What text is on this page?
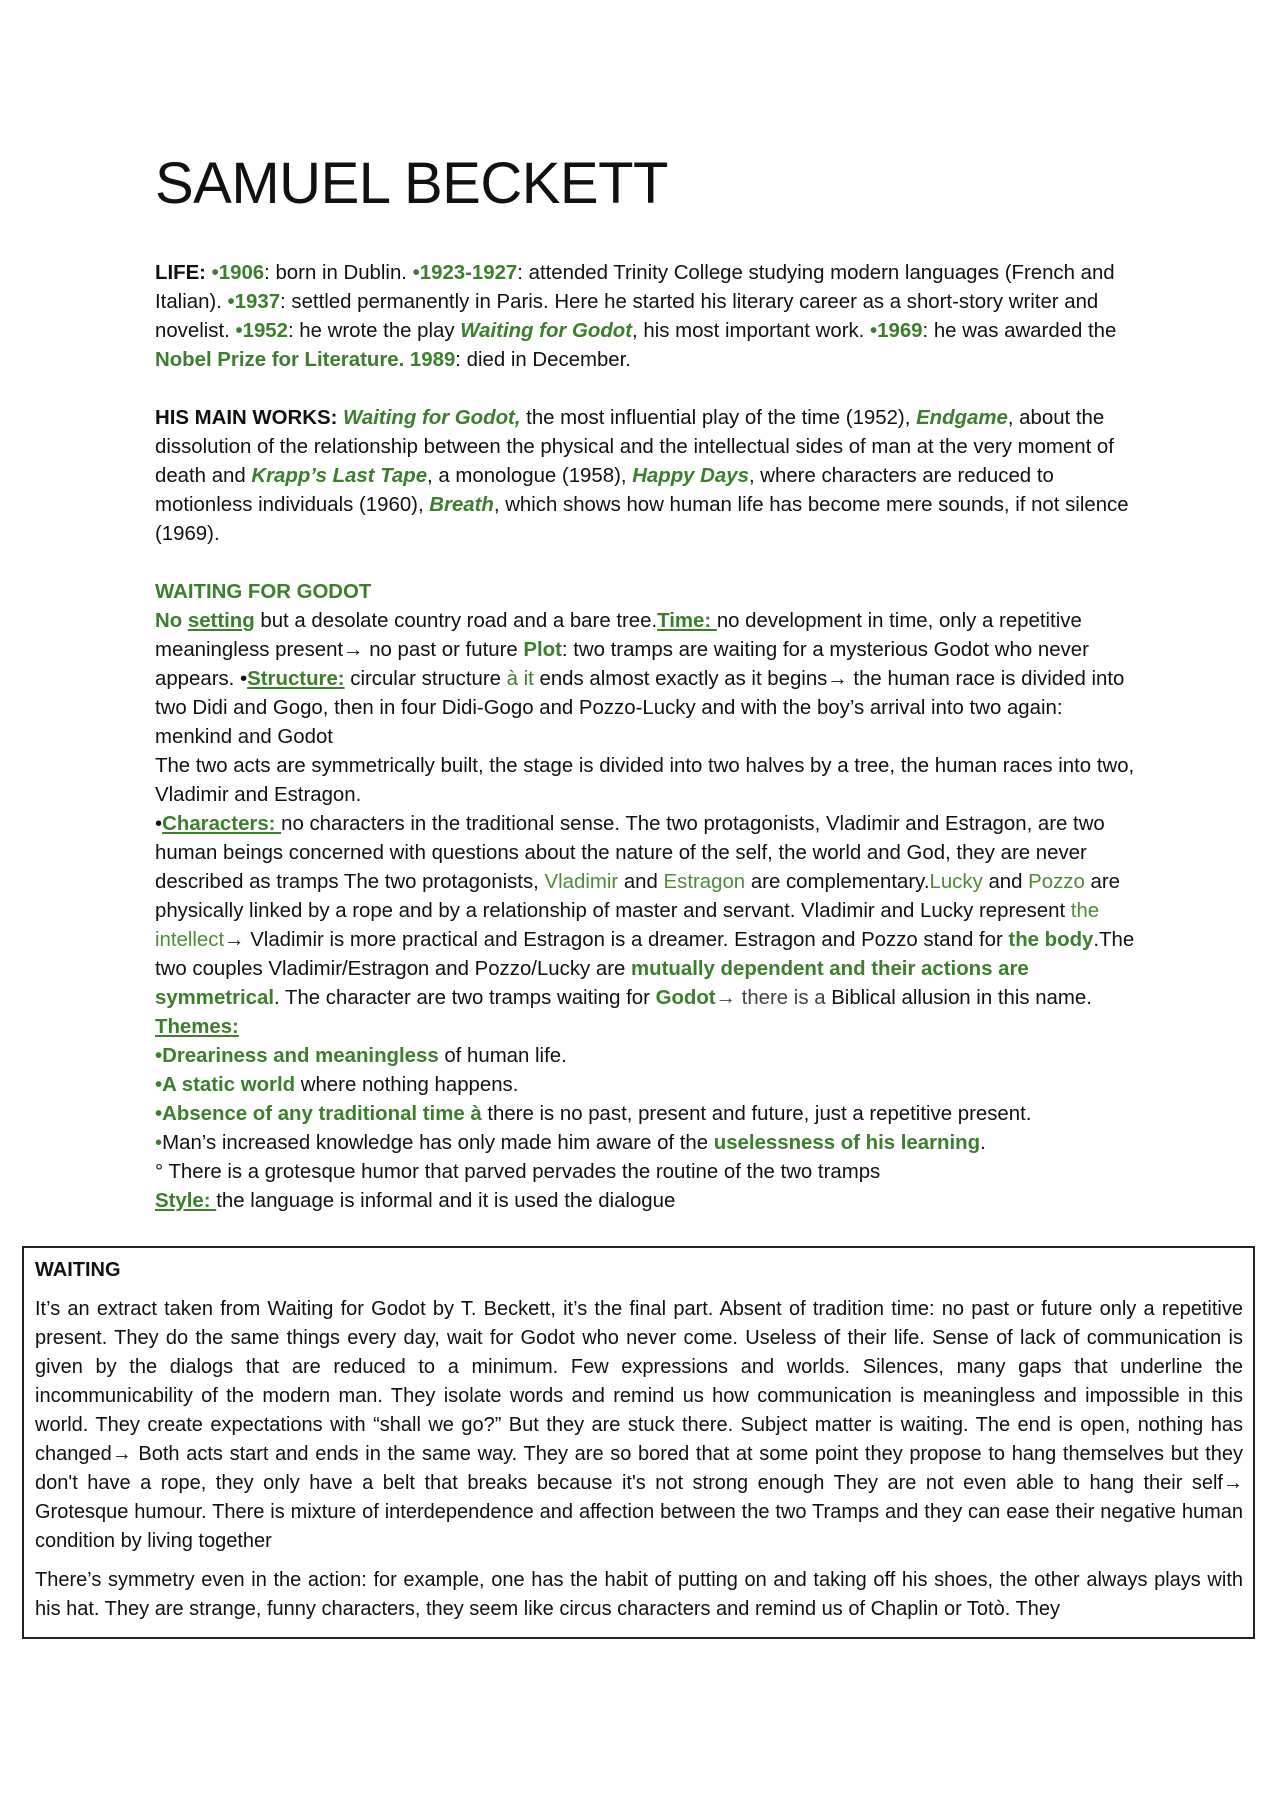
SAMUEL BECKETT

LIFE: •1906: born in Dublin. •1923-1927: attended Trinity College studying modern languages (French and Italian). •1937: settled permanently in Paris. Here he started his literary career as a short-story writer and novelist. •1952: he wrote the play Waiting for Godot, his most important work. •1969: he was awarded the Nobel Prize for Literature. 1989: died in December.

HIS MAIN WORKS: Waiting for Godot, the most influential play of the time (1952), Endgame, about the dissolution of the relationship between the physical and the intellectual sides of man at the very moment of death and Krapp’s Last Tape, a monologue (1958), Happy Days, where characters are reduced to motionless individuals (1960), Breath, which shows how human life has become mere sounds, if not silence (1969).

WAITING FOR GODOT

No setting but a desolate country road and a bare tree.Time: no development in time, only a repetitive meaningless present→ no past or future Plot: two tramps are waiting for a mysterious Godot who never appears. •Structure: circular structure à it ends almost exactly as it begins→ the human race is divided into two Didi and Gogo, then in four Didi-Gogo and Pozzo-Lucky and with the boy’s arrival into two again: menkind and Godot

The two acts are symmetrically built, the stage is divided into two halves by a tree, the human races into two, Vladimir and Estragon.

•Characters: no characters in the traditional sense. The two protagonists, Vladimir and Estragon, are two human beings concerned with questions about the nature of the self, the world and God, they are never described as tramps The two protagonists, Vladimir and Estragon are complementary.Lucky and Pozzo are physically linked by a rope and by a relationship of master and servant. Vladimir and Lucky represent the intellect→ Vladimir is more practical and Estragon is a dreamer. Estragon and Pozzo stand for the body.The two couples Vladimir/Estragon and Pozzo/Lucky are mutually dependent and their actions are symmetrical. The character are two tramps waiting for Godot→ there is a Biblical allusion in this name.

Themes:

•Dreariness and meaningless of human life.

•A static world where nothing happens.

•Absence of any traditional time à there is no past, present and future, just a repetitive present.

•Man’s increased knowledge has only made him aware of the uselessness of his learning.

° There is a grotesque humor that parved pervades the routine of the two tramps

Style: the language is informal and it is used the dialogue

WAITING

It’s an extract taken from Waiting for Godot by T. Beckett, it’s the final part. Absent of tradition time: no past or future only a repetitive present. They do the same things every day, wait for Godot who never come. Useless of their life. Sense of lack of communication is given by the dialogs that are reduced to a minimum. Few expressions and worlds. Silences, many gaps that underline the incommunicability of the modern man. They isolate words and remind us how communication is meaningless and impossible in this world. They create expectations with “shall we go?” But they are stuck there. Subject matter is waiting. The end is open, nothing has changed→ Both acts start and ends in the same way. They are so bored that at some point they propose to hang themselves but they don't have a rope, they only have a belt that breaks because it's not strong enough They are not even able to hang their self→ Grotesque humour. There is mixture of interdependence and affection between the two Tramps and they can ease their negative human condition by living together

There’s symmetry even in the action: for example, one has the habit of putting on and taking off his shoes, the other always plays with his hat. They are strange, funny characters, they seem like circus characters and remind us of Chaplin or Totò. They
